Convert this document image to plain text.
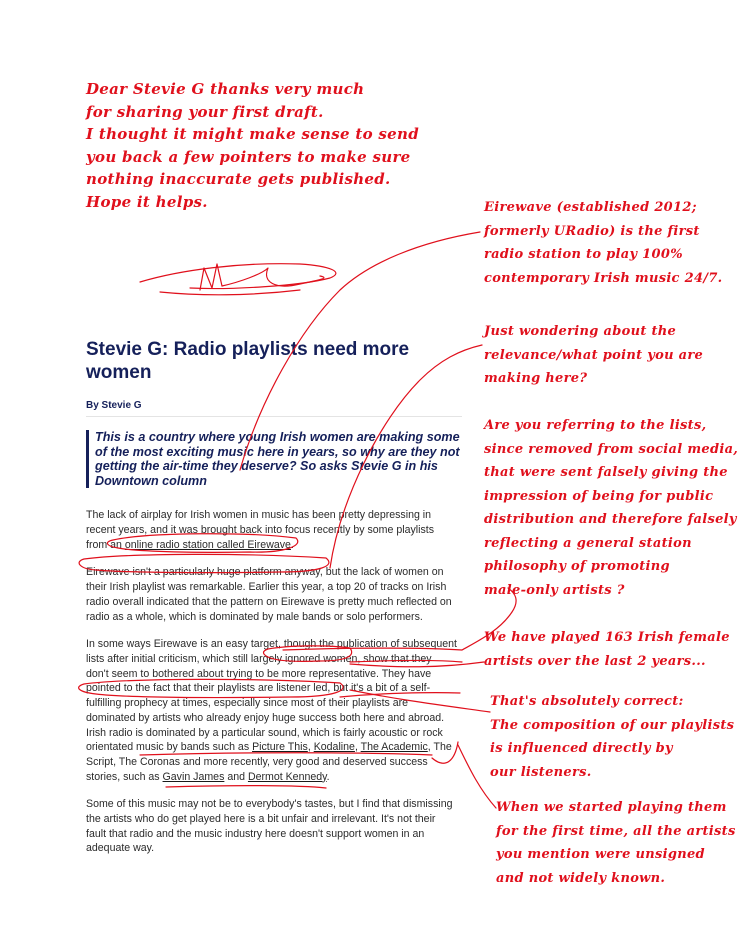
Dear Stevie G thanks very much
for sharing your first draft.
I thought it might make sense to send
you back a few pointers to make sure
nothing inaccurate gets published.
Hope it helps.	Eirewave (established 2012;
formerly URadio) is the first
radio station to play 100%
contemporary Irish music 24/7.
Just wondering about the
relevance/what point you are
making here?
Are you referring to the lists,
since removed from social media,
that were sent falsely giving the
impression of being for public
distribution and therefore falsely
reflecting a general station
philosophy of promoting
male-only artists ?
We have played 163 Irish female
artists over the last 2 years...
That's absolutely correct:
The composition of our playlists
is influenced directly by
our listeners.
When we started playing them
for the first time, all the artists
you mention were unsigned
and not widely known.
Stevie G: Radio playlists need more women
By Stevie G
This is a country where young Irish women are making some of the most exciting music here in years, so why are they not getting the air-time they deserve? So asks Stevie G in his Downtown column

The lack of airplay for Irish women in music has been pretty depressing in

recent years, and it was brought back into focus recently by some playlists

from an online radio station called Eirewave.

Eirewave isn't a particularly huge platform anyway, but the lack of women on

their Irish playlist was remarkable. Earlier this year, a top 20 of tracks on Irish

radio overall indicated that the pattern on Eirewave is pretty much reflected on

radio as a whole, which is dominated by male bands or solo performers.

In some ways Eirewave is an easy target, though the publication of subsequent

lists after initial criticism, which still largely ignored women, show that they

don't seem to bothered about trying to be more representative. They have

pointed to the fact that their playlists are listener led, but it's a bit of a self-

fulfilling prophecy at times, especially since most of their playlists are

dominated by artists who already enjoy huge success both here and abroad.

Irish radio is dominated by a particular sound, which is fairly acoustic or rock

orientated music by bands such as Picture This, Kodaline, The Academic, The

Script, The Coronas and more recently, very good and deserved success

stories, such as Gavin James and Dermot Kennedy.

Some of this music may not be to everybody's tastes, but I find that dismissing

the artists who do get played here is a bit unfair and irrelevant. It's not their

fault that radio and the music industry here doesn't support women in an

adequate way.
